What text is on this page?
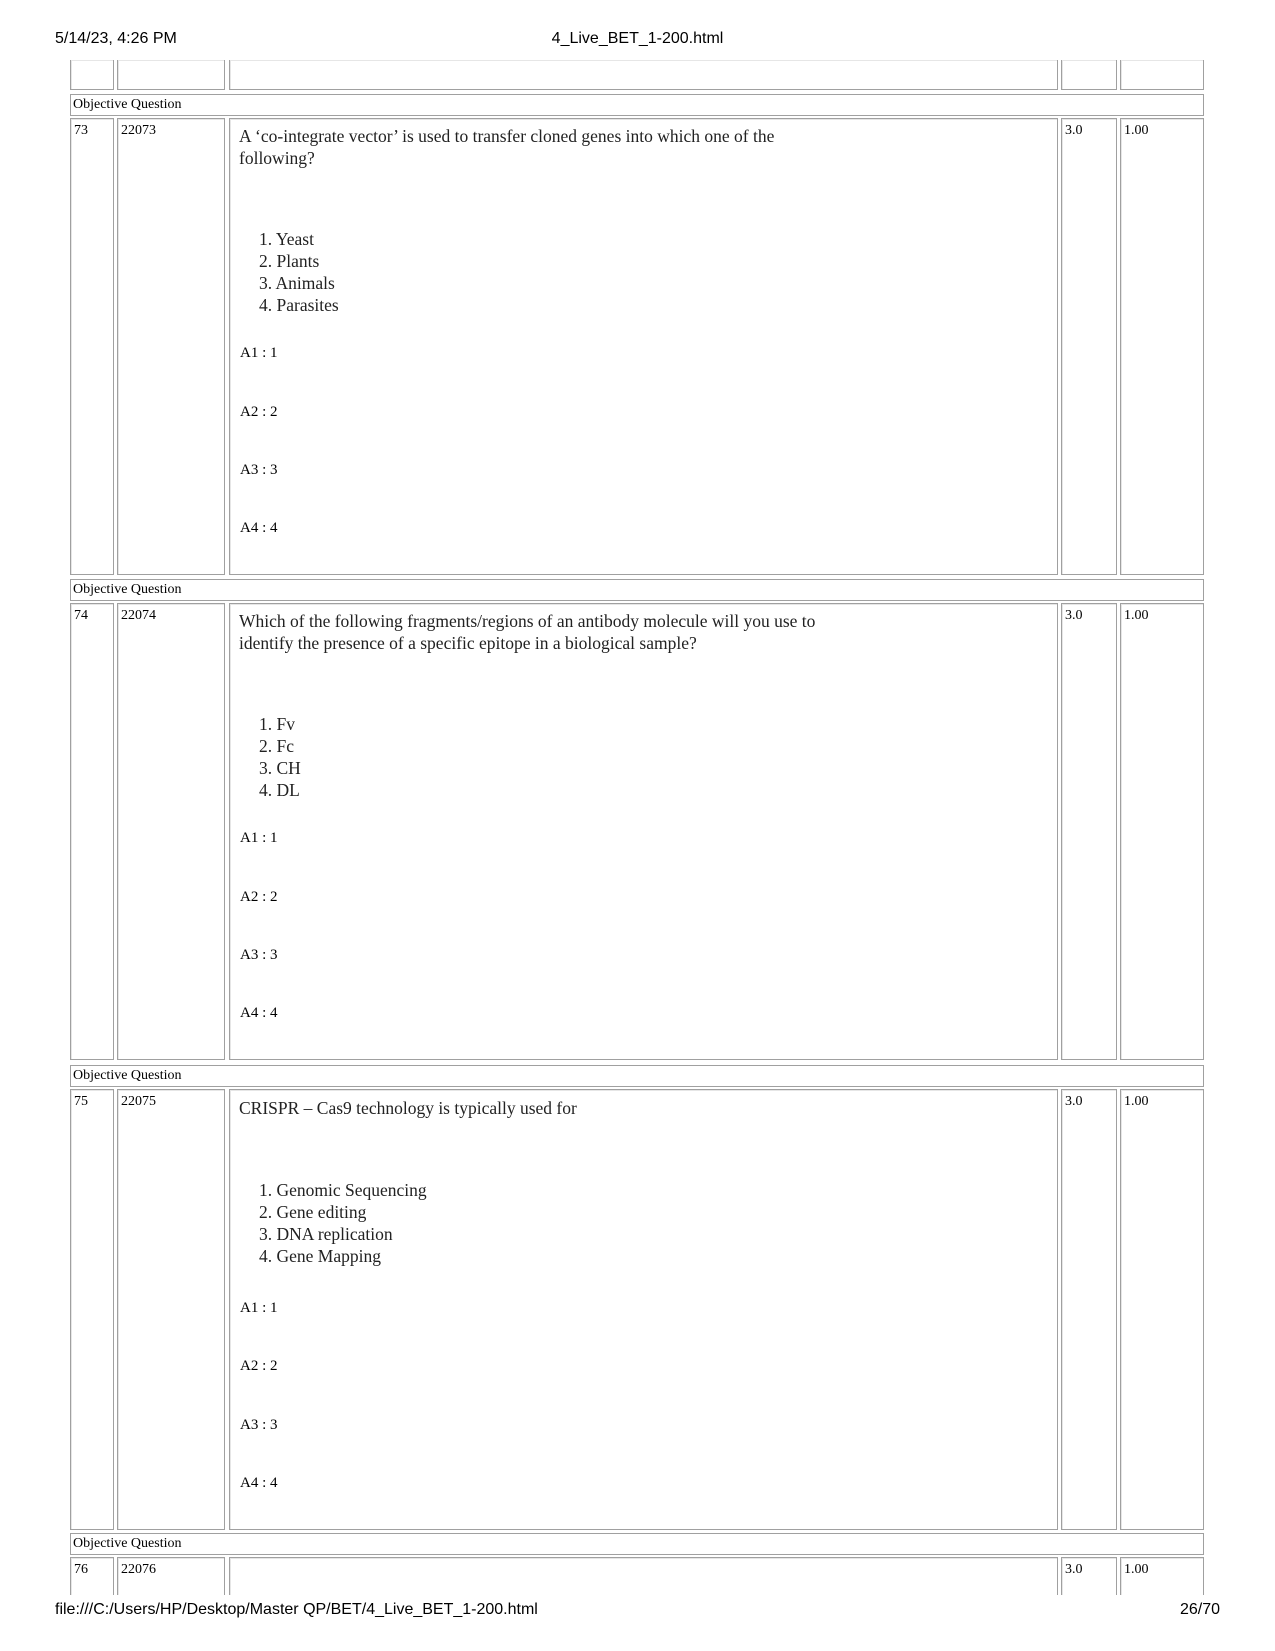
5/14/23, 4:26 PM	4_Live_BET_1-200.html
file:///C:/Users/HP/Desktop/Master QP/BET/4_Live_BET_1-200.html	26/70
Objective Question
73	22073	3.0	1.00
A ‘co-integrate vector’ is used to transfer cloned genes into which one of the
following?
1. Yeast
2. Plants
3. Animals
4. Parasites
A1 : 1
A2 : 2
A3 : 3
A4 : 4
Objective Question
74	22074	3.0	1.00
Which of the following fragments/regions of an antibody molecule will you use to
identify the presence of a specific epitope in a biological sample?
1. Fv
2. Fc
3. CH
4. DL
A1 : 1
A2 : 2
A3 : 3
A4 : 4
Objective Question
75	22075	3.0	1.00
CRISPR – Cas9 technology is typically used for
1. Genomic Sequencing
2. Gene editing
3. DNA replication
4. Gene Mapping
A1 : 1
A2 : 2
A3 : 3
A4 : 4
Objective Question
76	22076	3.0	1.00
